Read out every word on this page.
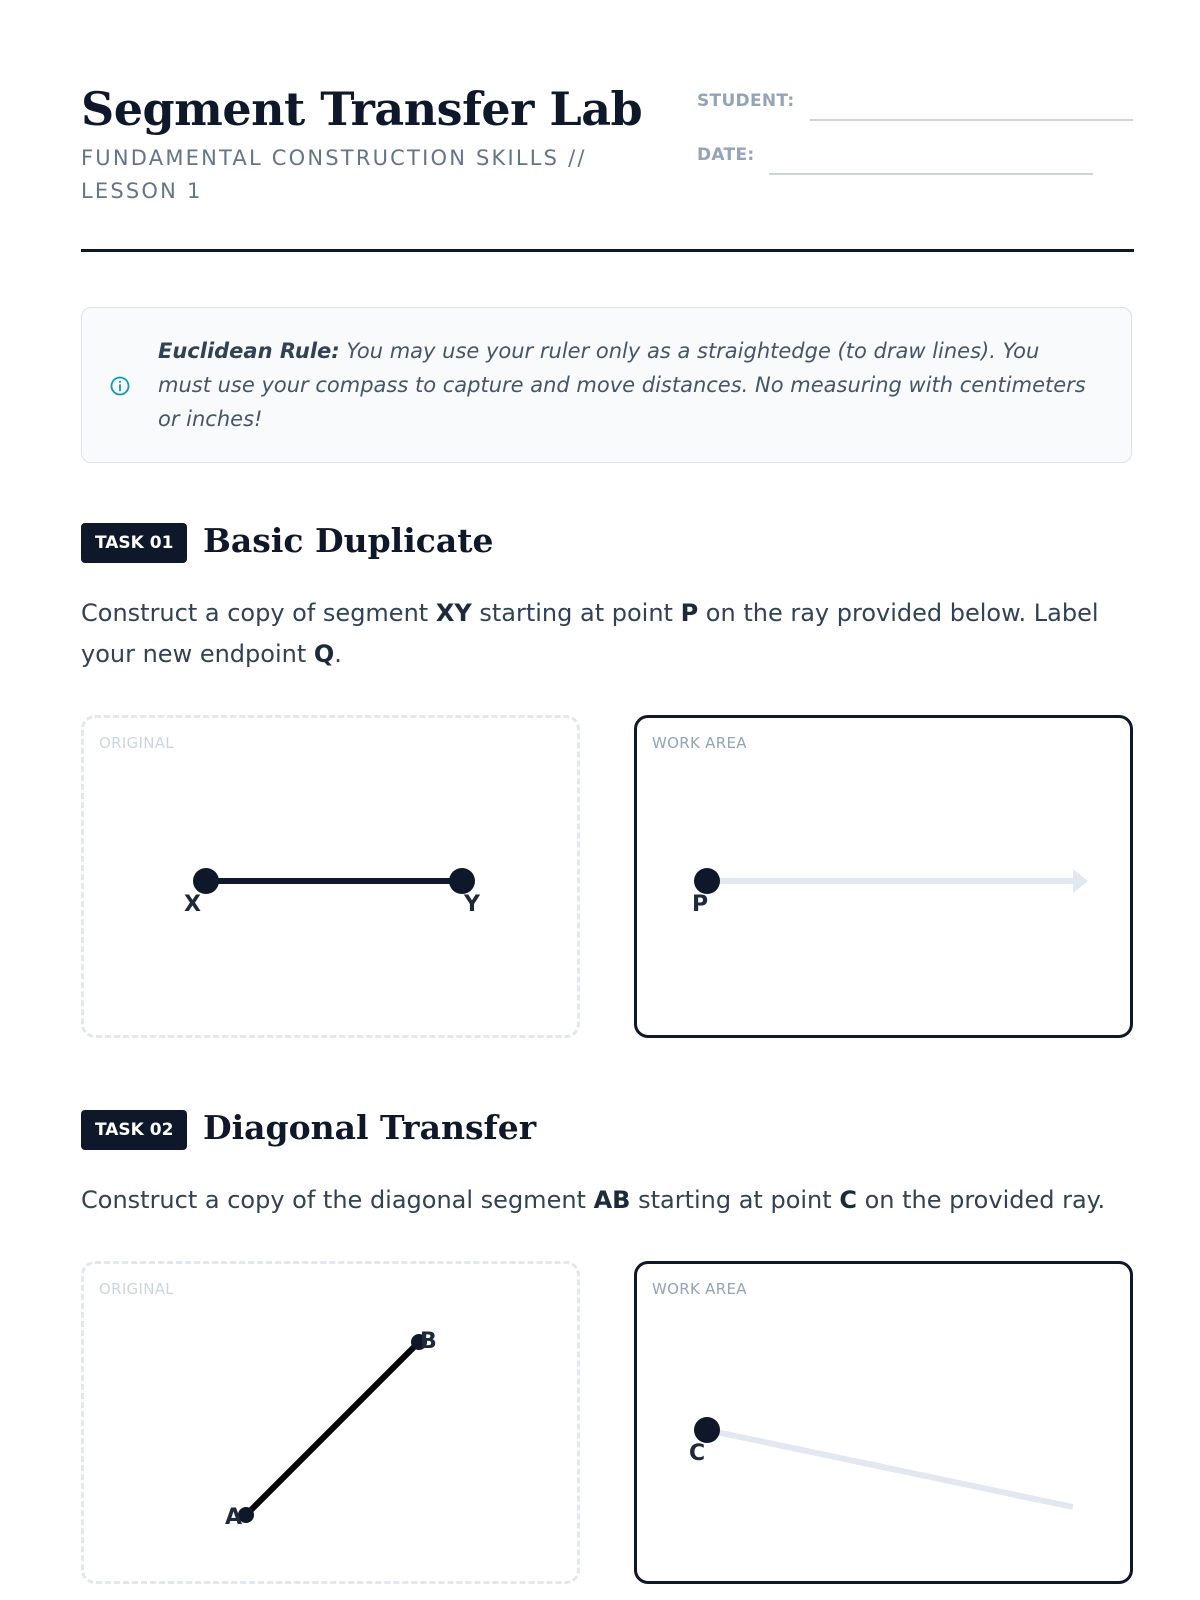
Segment Transfer Lab
FUNDAMENTAL CONSTRUCTION SKILLS // LESSON 1
STUDENT:
DATE:
Euclidean Rule: You may use your ruler only as a straightedge (to draw lines). You must use your compass to capture and move distances. No measuring with centimeters or inches!
TASK 01 Basic Duplicate

Construct a copy of segment XY starting at point P on the ray provided below. Label your new endpoint Q.

ORIGINAL
X	Y
WORK AREA
P
TASK 02 Diagonal Transfer

Construct a copy of the diagonal segment AB starting at point C on the provided ray.

ORIGINAL
A
B
WORK AREA
C
